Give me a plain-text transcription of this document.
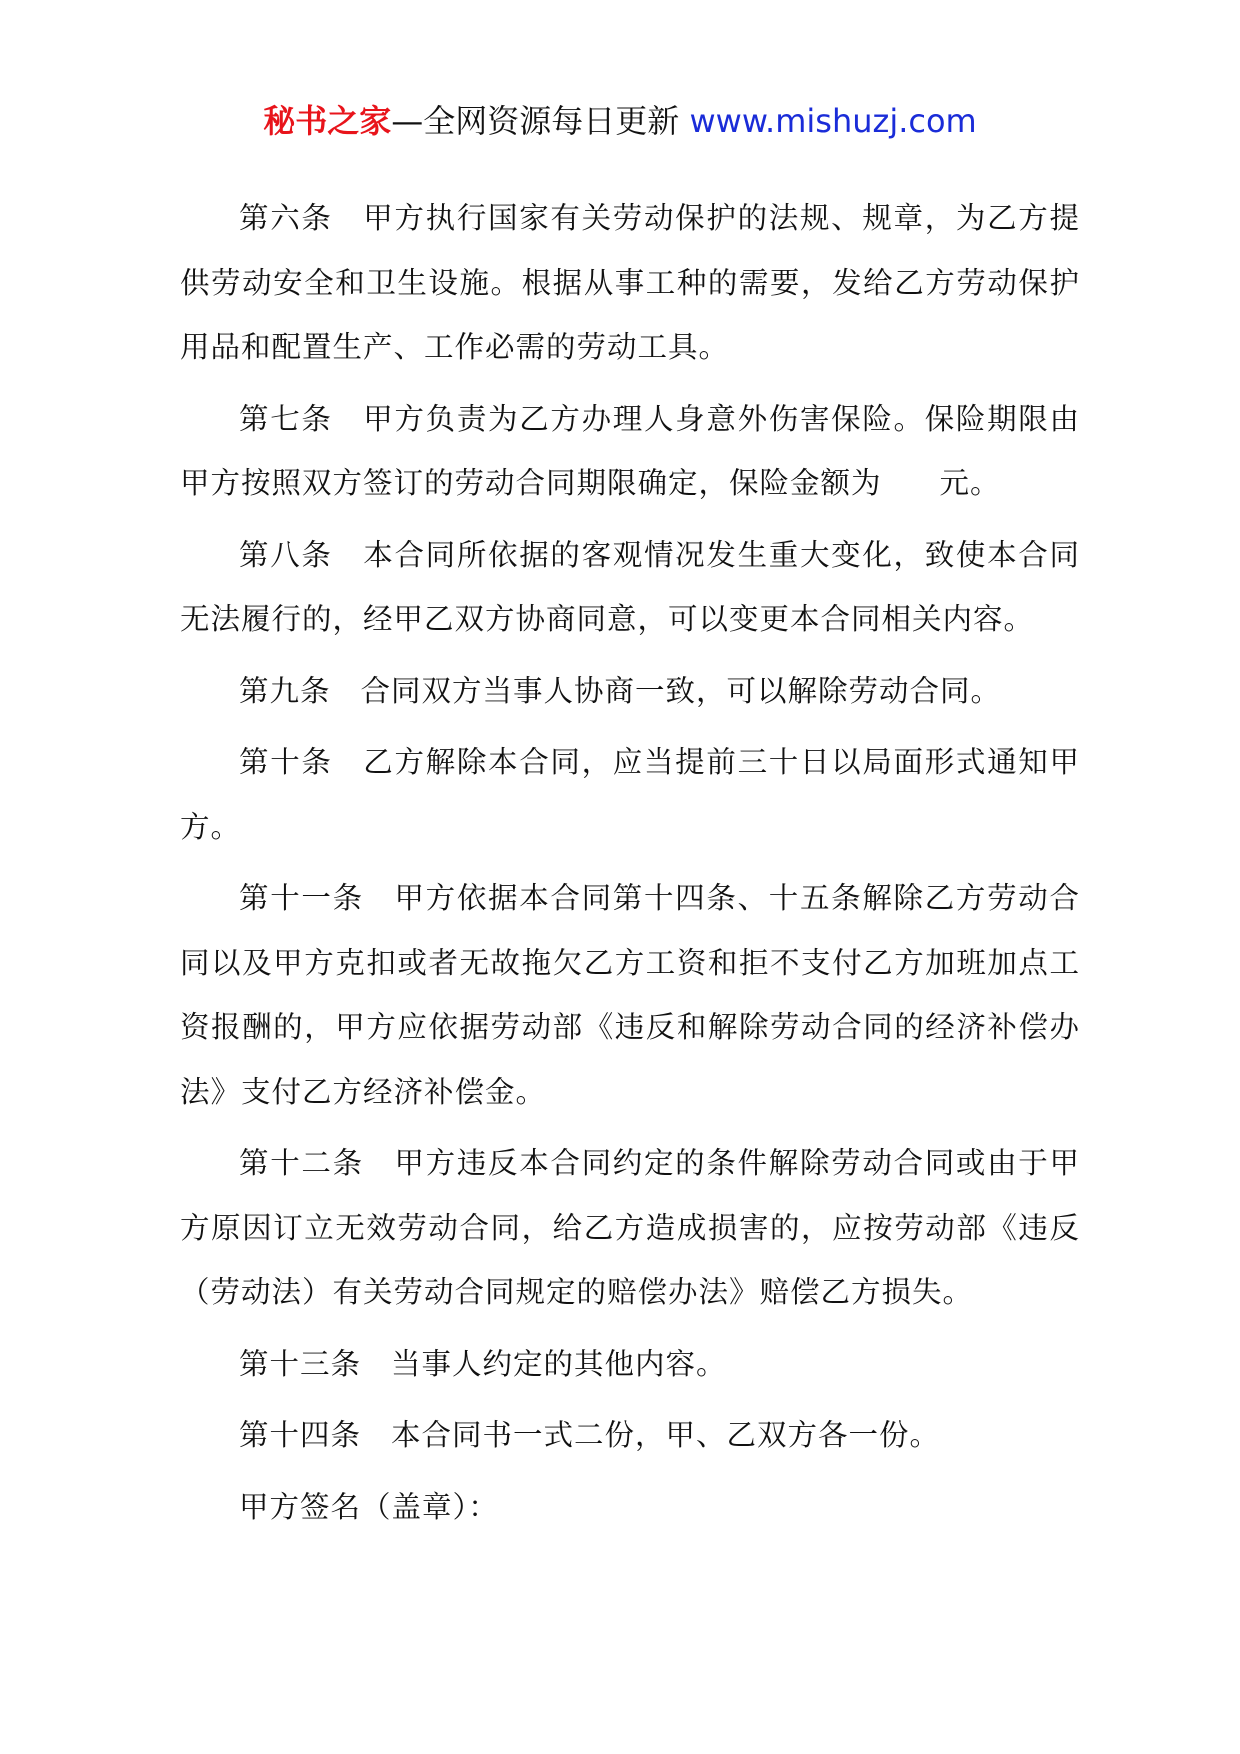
秘书之家—全网资源每日更新 www.mishuzj.com

第六条 甲方执行国家有关劳动保护的法规、规章，为乙方提供劳动安全和卫生设施。根据从事工种的需要，发给乙方劳动保护用品和配置生产、工作必需的劳动工具。

第七条 甲方负责为乙方办理人身意外伤害保险。保险期限由甲方按照双方签订的劳动合同期限确定，保险金额为 元。

第八条 本合同所依据的客观情况发生重大变化，致使本合同无法履行的，经甲乙双方协商同意，可以变更本合同相关内容。

第九条 合同双方当事人协商一致，可以解除劳动合同。

第十条 乙方解除本合同，应当提前三十日以局面形式通知甲方。

第十一条 甲方依据本合同第十四条、十五条解除乙方劳动合同以及甲方克扣或者无故拖欠乙方工资和拒不支付乙方加班加点工资报酬的，甲方应依据劳动部《违反和解除劳动合同的经济补偿办法》支付乙方经济补偿金。

第十二条 甲方违反本合同约定的条件解除劳动合同或由于甲方原因订立无效劳动合同，给乙方造成损害的，应按劳动部《违反（劳动法）有关劳动合同规定的赔偿办法》赔偿乙方损失。

第十三条 当事人约定的其他内容。

第十四条 本合同书一式二份，甲、乙双方各一份。

甲方签名（盖章）：
